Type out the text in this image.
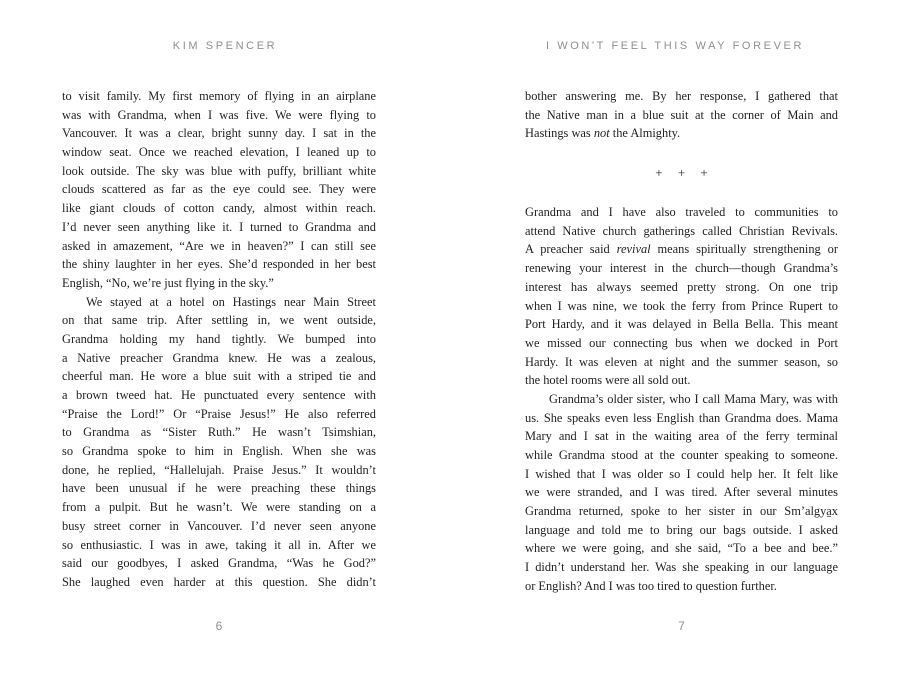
KIM SPENCER
to visit family. My first memory of flying in an airplane
was with Grandma, when I was five. We were flying to
Vancouver. It was a clear, bright sunny day. I sat in the
window seat. Once we reached elevation, I leaned up to
look outside. The sky was blue with puffy, brilliant white
clouds scattered as far as the eye could see. They were
like giant clouds of cotton candy, almost within reach.
I’d never seen anything like it. I turned to Grandma and
asked in amazement, “Are we in heaven?” I can still see
the shiny laughter in her eyes. She’d responded in her best
English, “No, we’re just flying in the sky.”
We stayed at a hotel on Hastings near Main Street
on that same trip. After settling in, we went outside,
Grandma holding my hand tightly. We bumped into
a Native preacher Grandma knew. He was a zealous,
cheerful man. He wore a blue suit with a striped tie and
a brown tweed hat. He punctuated every sentence with
“Praise the Lord!” Or “Praise Jesus!” He also referred
to Grandma as “Sister Ruth.” He wasn’t Tsimshian,
so Grandma spoke to him in English. When she was
done, he replied, “Hallelujah. Praise Jesus.” It wouldn’t
have been unusual if he were preaching these things
from a pulpit. But he wasn’t. We were standing on a
busy street corner in Vancouver. I’d never seen anyone
so enthusiastic. I was in awe, taking it all in. After we
said our goodbyes, I asked Grandma, “Was he God?”
She laughed even harder at this question. She didn’t
6
I WON'T FEEL THIS WAY FOREVER
bother answering me. By her response, I gathered that
the Native man in a blue suit at the corner of Main and
Hastings was not the Almighty.
+ + +
Grandma and I have also traveled to communities to
attend Native church gatherings called Christian Revivals.
A preacher said revival means spiritually strengthening or
renewing your interest in the church—though Grandma’s
interest has always seemed pretty strong. On one trip
when I was nine, we took the ferry from Prince Rupert to
Port Hardy, and it was delayed in Bella Bella. This meant
we missed our connecting bus when we docked in Port
Hardy. It was eleven at night and the summer season, so
the hotel rooms were all sold out.
Grandma’s older sister, who I call Mama Mary, was with
us. She speaks even less English than Grandma does. Mama
Mary and I sat in the waiting area of the ferry terminal
while Grandma stood at the counter speaking to someone.
I wished that I was older so I could help her. It felt like
we were stranded, and I was tired. After several minutes
Grandma returned, spoke to her sister in our Sm’algya̱x
language and told me to bring our bags outside. I asked
where we were going, and she said, “To a bee and bee.”
I didn’t understand her. Was she speaking in our language
or English? And I was too tired to question further.
7
